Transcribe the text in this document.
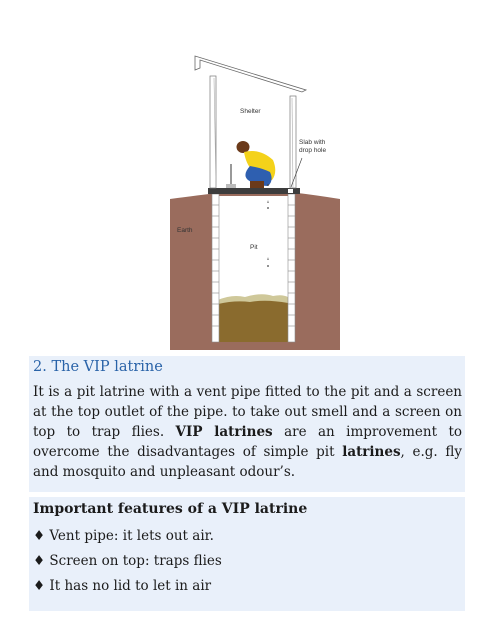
Shelter
Slab with
drop hole
Earth
Pit
2. The VIP latrine

It is a pit latrine with a vent pipe fitted to the pit and a screen at the top outlet of the pipe. to take out smell and a screen on top to trap flies. VIP latrines are an improvement to overcome the disadvantages of simple pit latrines, e.g. fly and mosquito and unpleasant odour’s.

Important features of a VIP latrine
♦ Vent pipe: it lets out air.
♦ Screen on top: traps flies
♦ It has no lid to let in air
